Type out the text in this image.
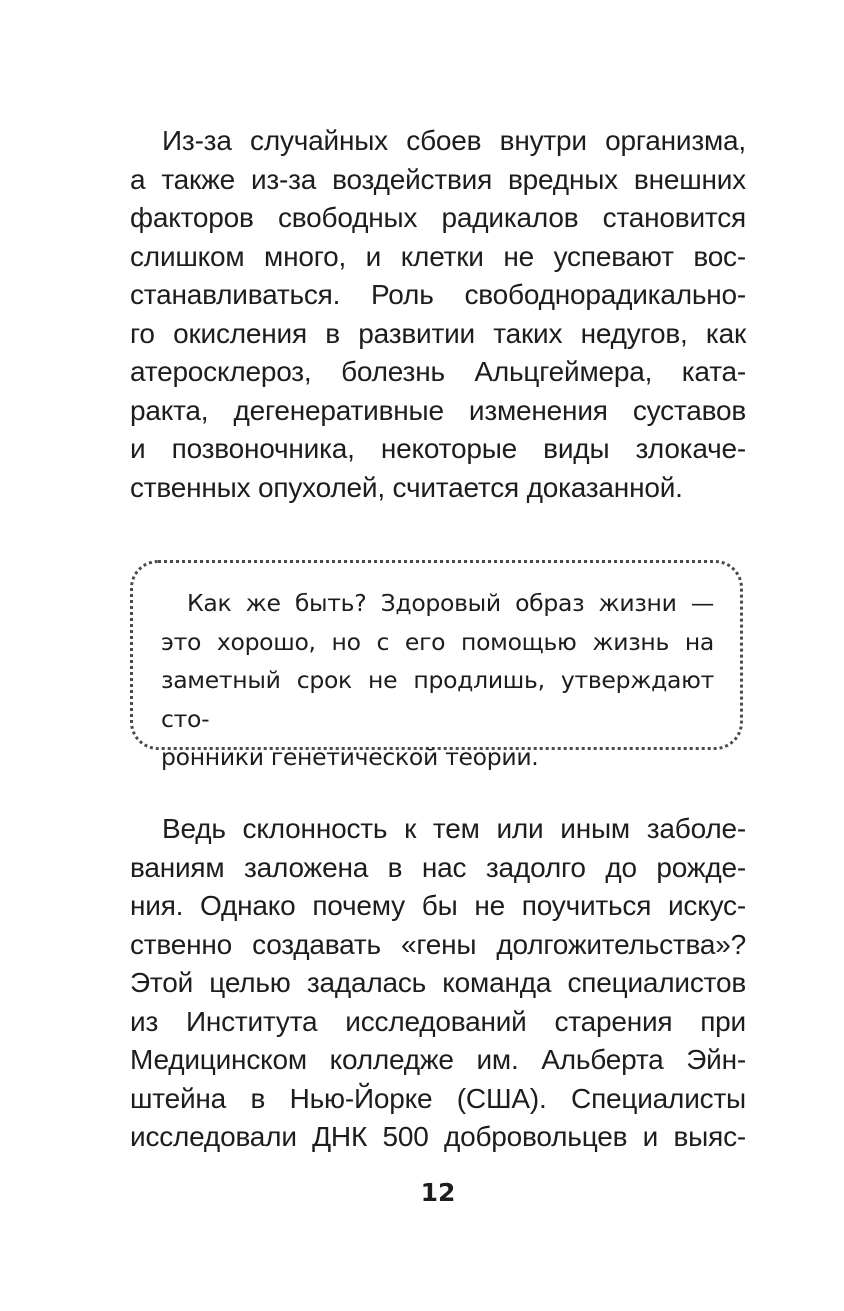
Из-за случайных сбоев внутри организма,
а также из-за воздействия вредных внешних
факторов свободных радикалов становится
слишком много, и клетки не успевают вос-
станавливаться. Роль свободнорадикально-
го окисления в развитии таких недугов, как
атеросклероз, болезнь Альцгеймера, ката-
ракта, дегенеративные изменения суставов
и позвоночника, некоторые виды злокаче-
ственных опухолей, считается доказанной.
Как же быть? Здоровый образ жизни —
это хорошо, но с его помощью жизнь на
заметный срок не продлишь, утверждают сто-
ронники генетической теории.
Ведь склонность к тем или иным заболе-
ваниям заложена в нас задолго до рожде-
ния. Однако почему бы не поучиться искус-
ственно создавать «гены долгожительства»?
Этой целью задалась команда специалистов
из Института исследований старения при
Медицинском колледже им. Альберта Эйн-
штейна в Нью-Йорке (США). Специалисты
исследовали ДНК 500 добровольцев и выяс-
12
